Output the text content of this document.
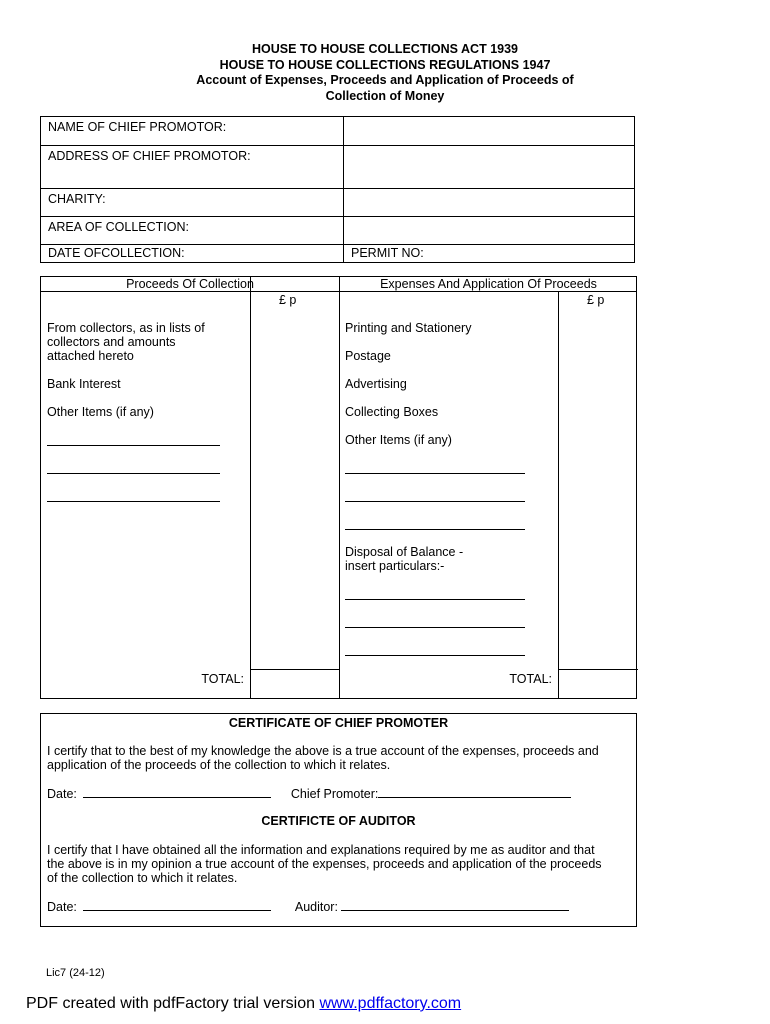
HOUSE TO HOUSE COLLECTIONS ACT 1939
HOUSE TO HOUSE COLLECTIONS REGULATIONS 1947
Account of Expenses, Proceeds and Application of Proceeds of
Collection of Money
NAME OF CHIEF PROMOTOR:	
ADDRESS OF CHIEF PROMOTOR:	
CHARITY:	
AREA OF COLLECTION:	
DATE OFCOLLECTION:	PERMIT NO:
Proceeds Of Collection
£ p
From collectors, as in lists of
collectors and amounts
attached hereto
Bank Interest
Other Items (if any)
TOTAL:
Expenses And Application Of Proceeds
£ p
Printing and Stationery
Postage
Advertising
Collecting Boxes
Other Items (if any)
Disposal of Balance -
insert particulars:-
TOTAL:
CERTIFICATE OF CHIEF PROMOTER
I certify that to the best of my knowledge the above is a true account of the expenses, proceeds and
application of the proceeds of the collection to which it relates.
Date:	Chief Promoter:
CERTIFICTE OF AUDITOR
I certify that I have obtained all the information and explanations required by me as auditor and that
the above is in my opinion a true account of the expenses, proceeds and application of the proceeds
of the collection to which it relates.
Date:	Auditor:
Lic7 (24-12)
PDF created with pdfFactory trial version www.pdffactory.com
